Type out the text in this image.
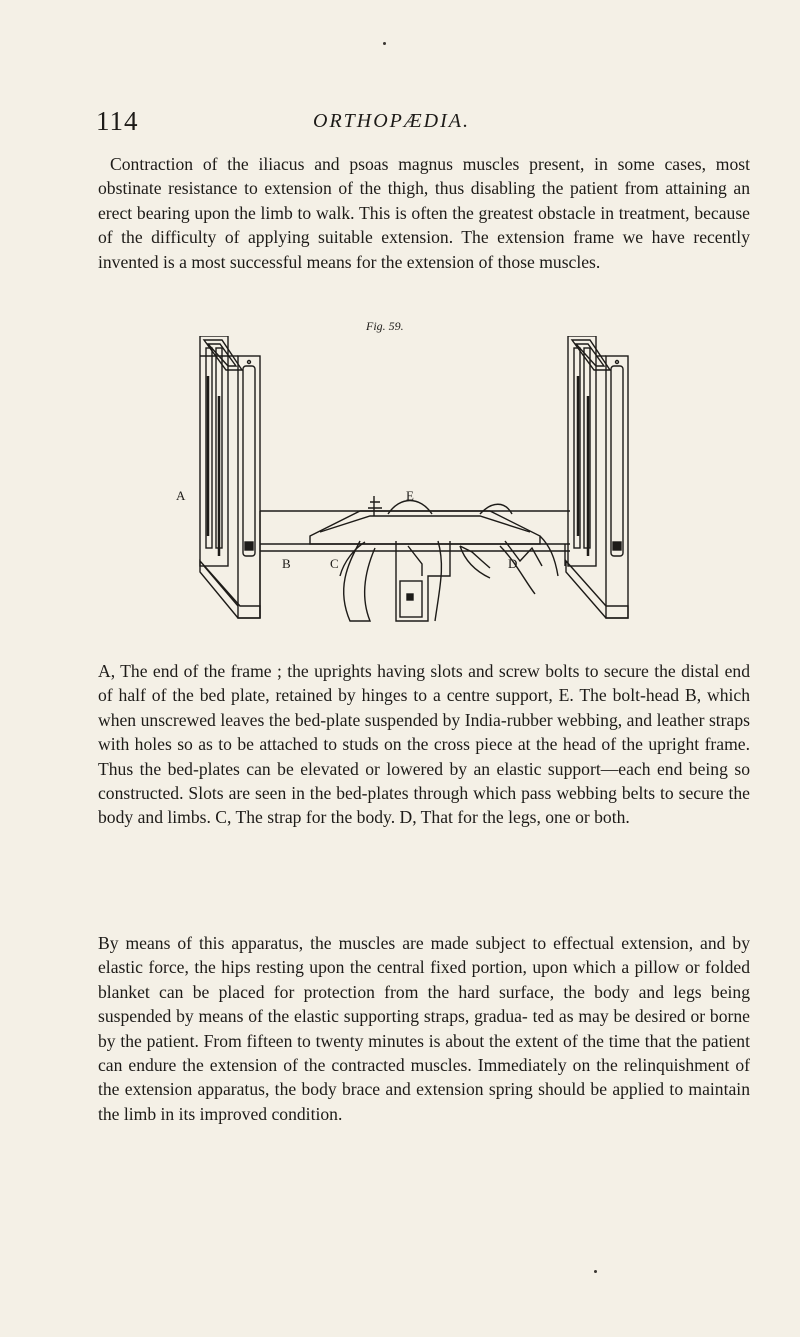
114	ORTHOPÆDIA.

Contraction of the iliacus and psoas magnus muscles present, in some cases, most obstinate resistance to extension of the thigh, thus disabling the patient from attaining an erect bearing upon the limb to walk. This is often the greatest obstacle in treatment, because of the difficulty of applying suitable extension. The extension frame we have recently invented is a most successful means for the extension of those muscles.

Fig. 59.
A
B	C	D
E

A, The end of the frame ; the uprights having slots and screw bolts to secure the distal end of half of the bed plate, retained by hinges to a centre support, E. The bolt-head B, which when unscrewed leaves the bed-plate suspended by India-rubber webbing, and leather straps with holes so as to be attached to studs on the cross piece at the head of the upright frame. Thus the bed-plates can be elevated or lowered by an elastic support—each end being so constructed. Slots are seen in the bed-plates through which pass webbing belts to secure the body and limbs. C, The strap for the body. D, That for the legs, one or both.

By means of this apparatus, the muscles are made subject to effectual extension, and by elastic force, the hips resting upon the central fixed portion, upon which a pillow or folded blanket can be placed for protection from the hard surface, the body and legs being suspended by means of the elastic supporting straps, gradua- ted as may be desired or borne by the patient. From fifteen to twenty minutes is about the extent of the time that the patient can endure the extension of the contracted muscles. Immediately on the relinquishment of the extension apparatus, the body brace and extension spring should be applied to maintain the limb in its improved condition.
